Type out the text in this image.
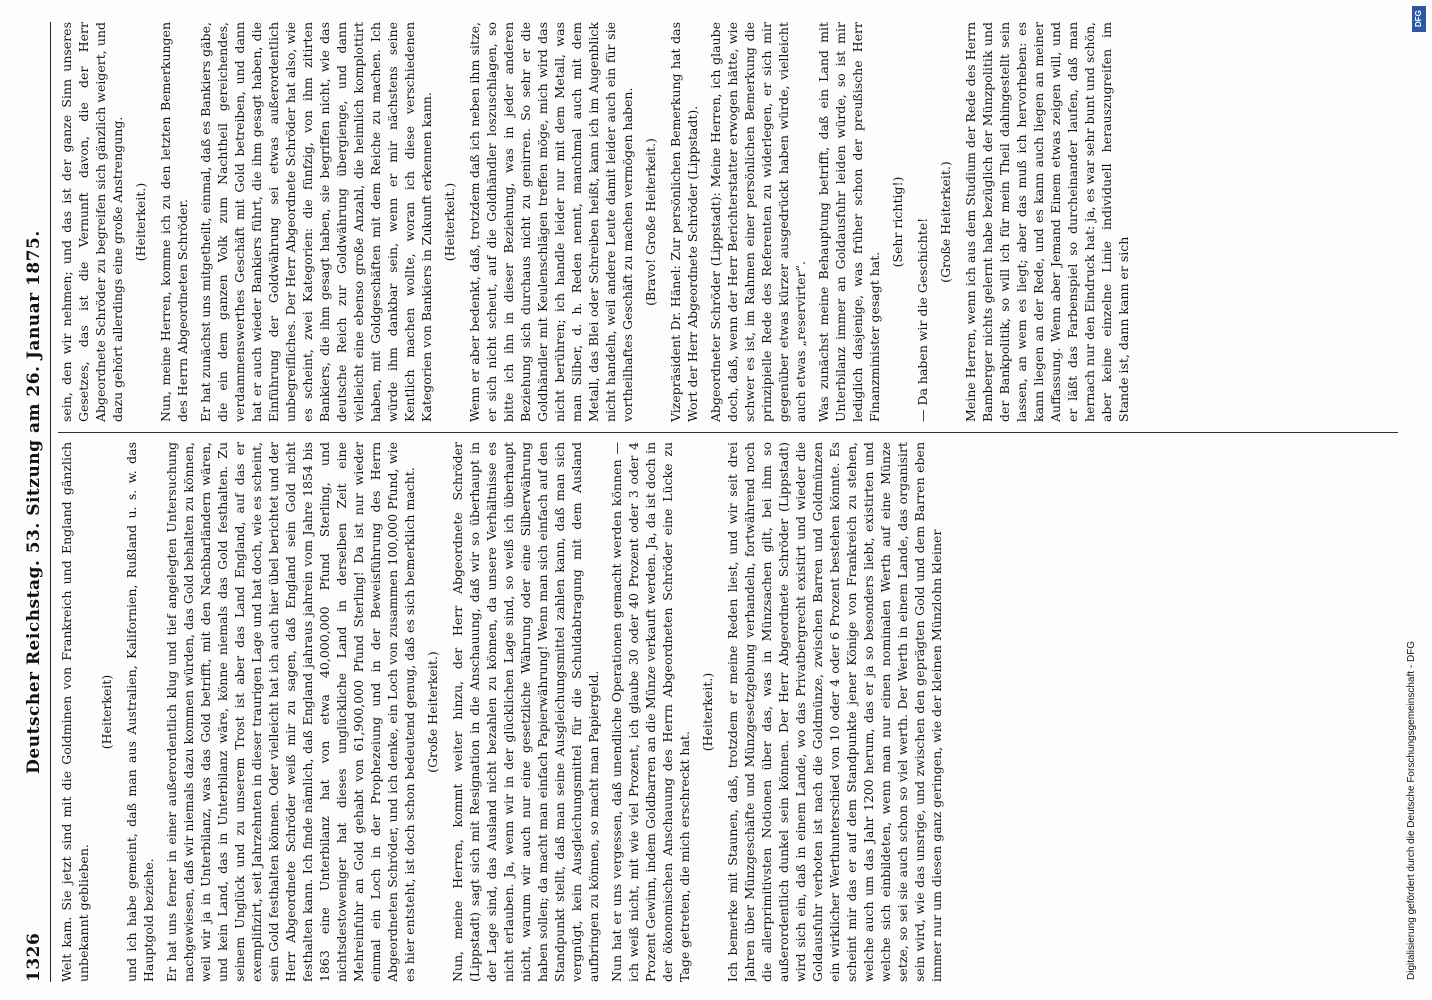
1326
Deutscher Reichstag. 53. Sitzung am 26. Januar 1875. Welt kam. Sie jetzt sind mit die Goldminen von Frankreich und England gänzlich unbekannt geblieben.

(Heiterkeit) und ich habe gemeint, daß man aus Australien, Kalifornien, Rußland u. s. w. das Hauptgold beziehe. Er hat uns ferner in einer außerordentlich klug und tief angelegten Untersuchung nachgewiesen, daß wir niemals dazu kommen würden, das Gold behalten zu können, weil wir ja in Unterbilanz, was das Gold betrifft, mit den Nachbarländern wären, und kein Land, das in Unterbilanz wäre, könne niemals das Gold festhalten. Zu seinem Unglück und zu unserem Trost ist aber das Land England, auf das er exemplifizirt, seit Jahrzehnten in dieser traurigen Lage und hat doch, wie es scheint, sein Gold festhalten können. Oder vielleicht hat ich auch hier übel berichtet und der Herr Abgeordnete Schröder weiß mir zu sagen, daß England sein Gold nicht festhalten kann. Ich finde nämlich, daß England jahraus jahrein vom Jahre 1854 bis 1863 eine Unterbilanz hat von etwa 40,000,000 Pfund Sterling, und nichtsdestoweniger hat dieses unglückliche Land in derselben Zeit eine Mehreinfuhr an Gold gehabt von 61,900,000 Pfund Sterling! Da ist nur wieder einmal ein Loch in der Prophezeiung und in der Beweisführung des Herrn Abgeordneten Schröder, und ich denke, ein Loch von zusammen 100,000 Pfund, wie es hier entsteht, ist doch schon bedeutend genug, daß es sich bemerklich macht. (Große Heiterkeit.) Nun, meine Herren, kommt weiter hinzu, der Herr Abgeordnete Schröder (Lippstadt) sagt sich mit Resignation in die Anschauung, daß wir so überhaupt in der Lage sind, das Ausland nicht bezahlen zu können, da unsere Verhältnisse es nicht erlauben. Ja, wenn wir in der glücklichen Lage sind, so weiß ich überhaupt nicht, warum wir auch nur eine gesetzliche Währung oder eine Silberwährung haben sollen; da macht man einfach Papierwährung! Wenn man sich einfach auf den Standpunkt stellt, daß man seine Ausgleichungsmittel zahlen kann, daß man sich vergnügt, kein Ausgleichungsmittel für die Schuldabtragung mit dem Ausland aufbringen zu können, so macht man Papiergeld. Nun hat er uns vergessen, daß unendliche Operationen gemacht werden können — ich weiß nicht, mit wie viel Prozent, ich glaube 30 oder 40 Prozent oder 3 oder 4 Prozent Gewinn, indem Goldbarren an die Münze verkauft werden. Ja, da ist doch in der ökonomischen Anschauung des Herrn Abgeordneten Schröder eine Lücke zu Tage getreten, die mich erschreckt hat.

(Heiterkeit.) Ich bemerke mit Staunen, daß, trotzdem er meine Reden liest, und wir seit drei Jahren über Münzgeschäfte und Münzgesetzgebung verhandeln, fortwährend noch die allerprimitivsten Notionen über das, was in Münzsachen gilt, bei ihm so außerordentlich dunkel sein können. Der Herr Abgeordnete Schröder (Lippstadt) wird sich ein, daß in einem Lande, wo das Privatbergrecht existirt und wieder die Goldausfuhr verboten ist nach die Goldmünze, zwischen Barren und Goldmünzen ein wirklicher Werthunterschied von 10 oder 4 oder 6 Prozent bestehen könnte. Es scheint mir das er auf dem Standpunkte jener Könige von Frankreich zu stehen, welche auch um das Jahr 1200 herum, das er ja so besonders liebt, existirten und welche sich einbildeten, wenn man nur einen nominalen Werth auf eine Münze setze, so sei sie auch schon so viel werth. Der Werth in einem Lande, das organisirt sein wird, wie das unsrige, und zwischen den geprägten Gold und dem Barren eben immer nur um diesen ganz geringen, wie der kleinen Münzlohn kleiner

sein, den wir nehmen; und das ist der ganze Sinn unseres Gesetzes, das ist die Vernunft davon, die der Herr Abgeordnete Schröder zu begreifen sich gänzlich weigert, und dazu gehört allerdings eine große Anstrengung. (Heiterkeit.) Nun, meine Herren, komme ich zu den letzten Bemerkungen des Herrn Abgeordneten Schröder. Er hat zunächst uns mitgetheilt, einmal, daß es Bankiers gäbe, die ein dem ganzen Volk zum Nachtheil gereichendes, verdammenswerthes Geschäft mit Gold betreiben, und dann hat er auch wieder Bankiers führt, die ihm gesagt haben, die Einführung der Goldwährung sei etwas außerordentlich unbegreifliches. Der Herr Abgeordnete Schröder hat also, wie es scheint, zwei Kategorien: die fünfzig, von ihm zitirten Bankiers, die ihm gesagt haben, sie begriffen nicht, wie das deutsche Reich zur Goldwährung übergienge, und dann vielleicht eine ebenso große Anzahl, die heimlich komplottirt haben, mit Goldgeschäften mit dem Reiche zu machen. Ich würde ihm dankbar sein, wenn er mir nächstens seine Kentlich machen wollte, woran ich diese verschiedenen Kategorien von Bankiers in Zukunft erkennen kann. (Heiterkeit.) Wenn er aber bedenkt, daß, trotzdem daß ich neben ihm sitze, er sich nicht scheut, auf die Goldhändler loszuschlagen, so bitte ich ihn in dieser Beziehung, was in jeder anderen Beziehung sich durchaus nicht zu genirren. So sehr er die Goldhändler mit Keulenschlägen treffen möge, mich wird das nicht berühren; ich handle leider nur mit dem Metall, was man Silber, d. h. Reden nennt, manchmal auch mit dem Metall, das Blei oder Schreiben heißt, kann ich im Augenblick nicht handeln, weil andere Leute damit leider auch ein für sie vortheilhaftes Geschäft zu machen vermögen haben. (Bravo! Große Heiterkeit.) Vizepräsident Dr. Hänel: Zur persönlichen Bemerkung hat das Wort der Herr Abgeordnete Schröder (Lippstadt). Abgeordneter Schröder (Lippstadt): Meine Herren, ich glaube doch, daß, wenn der Herr Berichterstatter erwogen hätte, wie schwer es ist, im Rahmen einer persönlichen Bemerkung die prinzipielle Rede des Referenten zu widerlegen, er sich mir gegenüber etwas kürzer ausgedrückt haben würde, vielleicht auch etwas „reservirter“. Was zunächst meine Behauptung betrifft, daß ein Land mit Unterbilanz immer an Goldausfuhr leiden würde, so ist mir lediglich dasjenige, was früher schon der preußische Herr Finanzminister gesagt hat.

(Sehr richtig!) — Da haben wir die Geschichte! (Große Heiterkeit.) Meine Herren, wenn ich aus dem Studium der Rede des Herrn Bamberger nichts gelernt habe bezüglich der Münzpolitik und der Bankpolitik, so will ich für mein Theil dahingestellt sein lassen, an wem es liegt; aber das muß ich hervorheben: es kann liegen an der Rede, und es kann auch liegen an meiner Auffassung. Wenn aber Jemand Einem etwas zeigen will, und er läßt das Farbenspiel so durcheinander laufen, daß man hernach nur den Eindruck hat: ja, es war sehr bunt und schön, aber keine einzelne Linie individuell herauszugreifen im Stande ist, dann kann er sich

Digitalisierung gefördert durch die Deutsche Forschungsgemeinschaft - DFG
DFG
